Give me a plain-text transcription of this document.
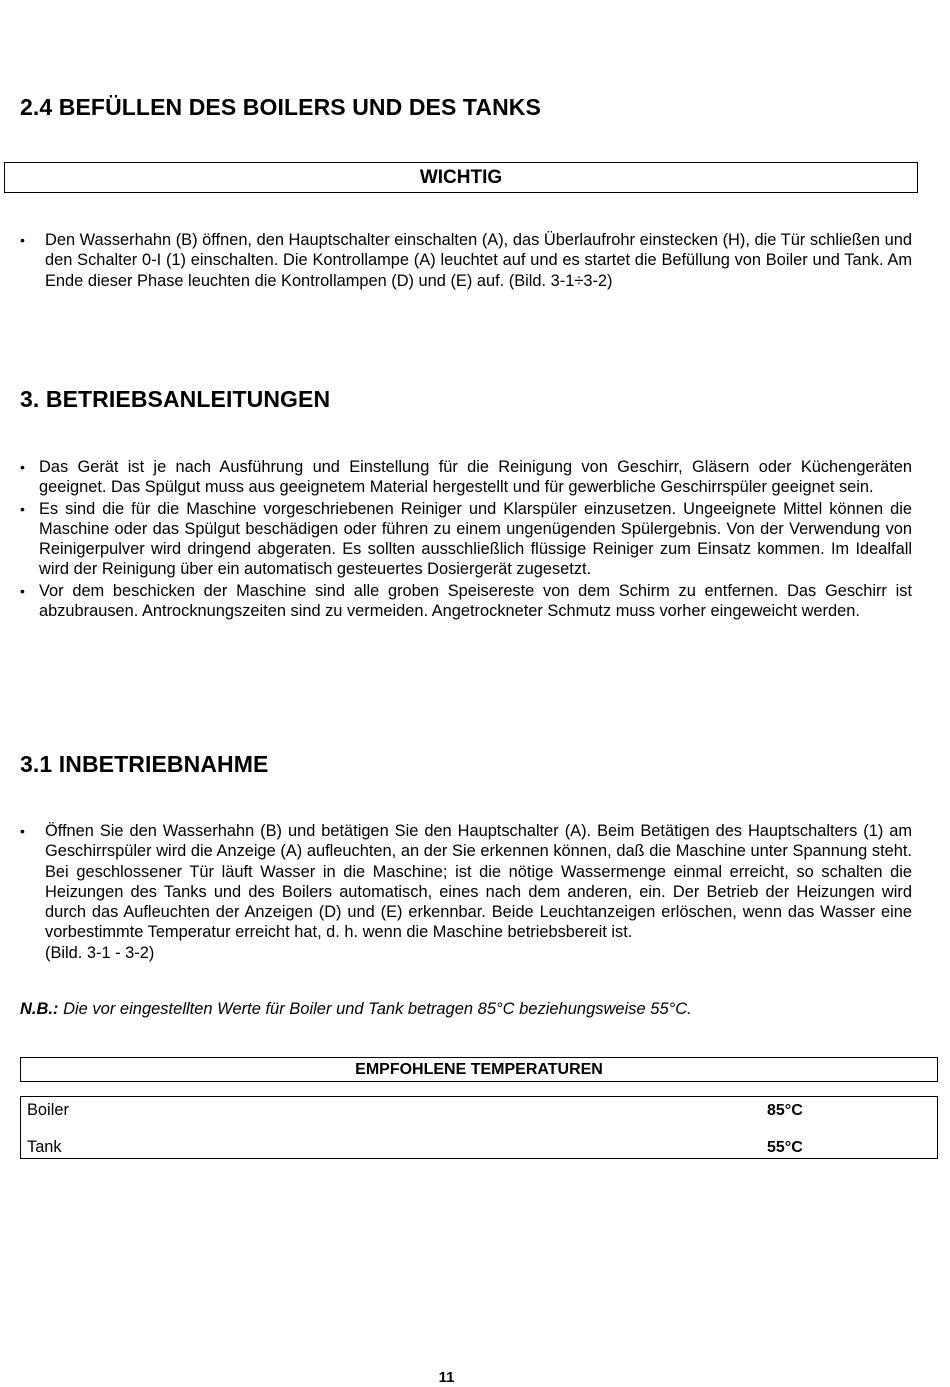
2.4 BEFÜLLEN DES BOILERS UND DES TANKS
WICHTIG
• Den Wasserhahn (B) öffnen, den Hauptschalter einschalten (A), das Überlaufrohr einstecken (H), die Tür schließen und den Schalter 0-I (1) einschalten. Die Kontrollampe (A) leuchtet auf und es startet die Befüllung von Boiler und Tank. Am Ende dieser Phase leuchten die Kontrollampen (D) und (E) auf. (Bild. 3-1÷3-2)
3. BETRIEBSANLEITUNGEN
• Das Gerät ist je nach Ausführung und Einstellung für die Reinigung von Geschirr, Gläsern oder Küchengeräten geeignet. Das Spülgut muss aus geeignetem Material hergestellt und für gewerbliche Geschirrspüler geeignet sein.
• Es sind die für die Maschine vorgeschriebenen Reiniger und Klarspüler einzusetzen. Ungeeignete Mittel können die Maschine oder das Spülgut beschädigen oder führen zu einem ungenügenden Spülergebnis. Von der Verwendung von Reinigerpulver wird dringend abgeraten. Es sollten ausschließlich flüssige Reiniger zum Einsatz kommen. Im Idealfall wird der Reinigung über ein automatisch gesteuertes Dosiergerät zugesetzt.
• Vor dem beschicken der Maschine sind alle groben Speisereste von dem Schirm zu entfernen. Das Geschirr ist abzubrausen. Antrocknungszeiten sind zu vermeiden. Angetrockneter Schmutz muss vorher eingeweicht werden.
3.1 INBETRIEBNAHME
• Öffnen Sie den Wasserhahn (B) und betätigen Sie den Hauptschalter (A). Beim Betätigen des Hauptschalters (1) am Geschirrspüler wird die Anzeige (A) aufleuchten, an der Sie erkennen können, daß die Maschine unter Spannung steht. Bei geschlossener Tür läuft Wasser in die Maschine; ist die nötige Wassermenge einmal erreicht, so schalten die Heizungen des Tanks und des Boilers automatisch, eines nach dem anderen, ein. Der Betrieb der Heizungen wird durch das Aufleuchten der Anzeigen (D) und (E) erkennbar. Beide Leuchtanzeigen erlöschen, wenn das Wasser eine vorbestimmte Temperatur erreicht hat, d. h. wenn die Maschine betriebsbereit ist.
(Bild. 3-1 - 3-2)
N.B.: Die vor eingestellten Werte für Boiler und Tank betragen 85°C beziehungsweise 55°C.
EMPFOHLENE TEMPERATUREN
Boiler	85°C
Tank	55°C
11
